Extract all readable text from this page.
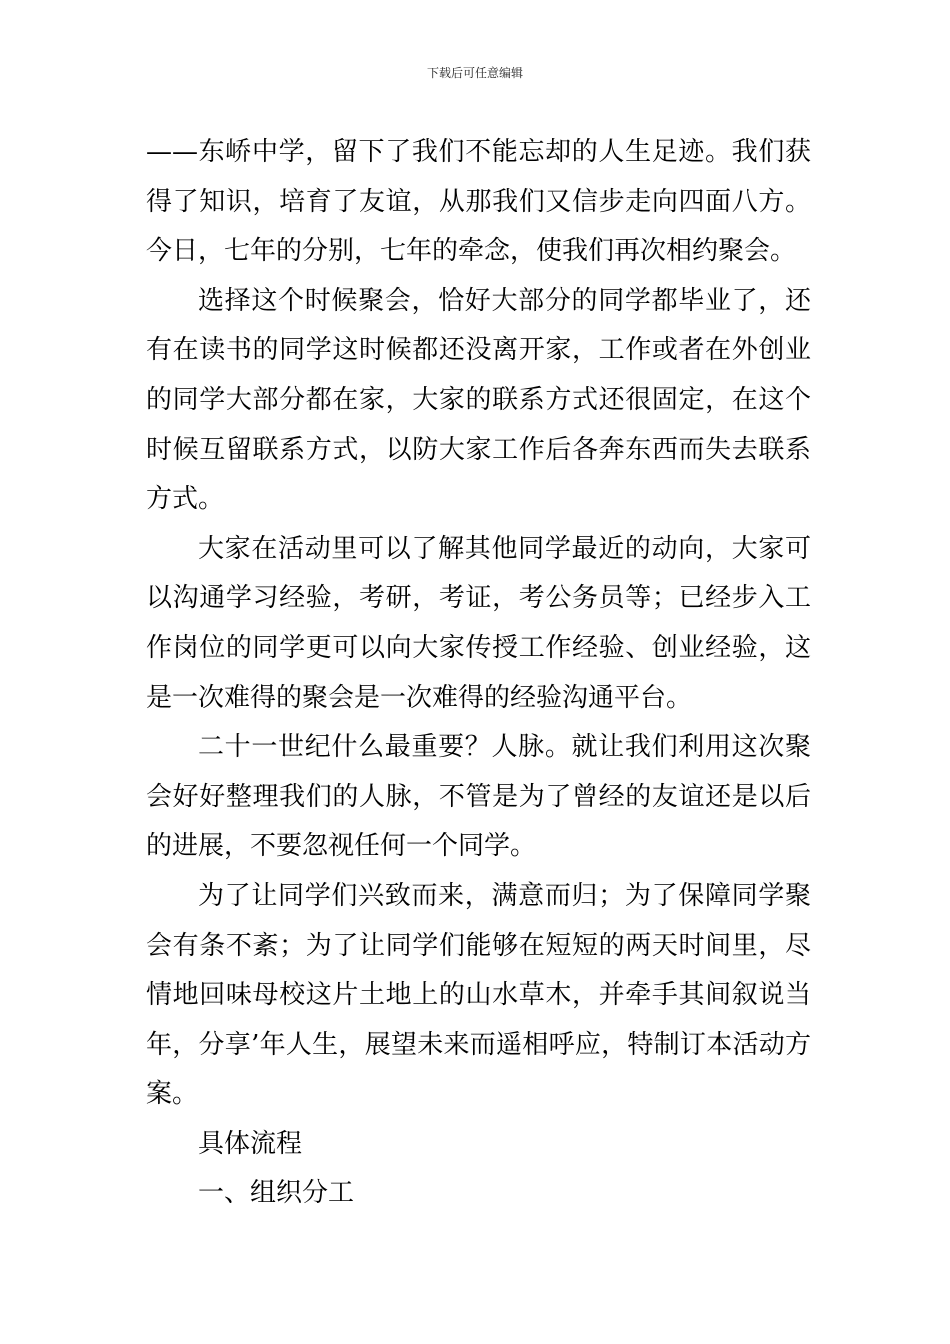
下载后可任意编辑

——东峤中学，留下了我们不能忘却的人生足迹。我们获得了知识，培育了友谊，从那我们又信步走向四面八方。今日，七年的分别，七年的牵念，使我们再次相约聚会。

选择这个时候聚会，恰好大部分的同学都毕业了，还有在读书的同学这时候都还没离开家，工作或者在外创业的同学大部分都在家，大家的联系方式还很固定，在这个时候互留联系方式，以防大家工作后各奔东西而失去联系方式。

大家在活动里可以了解其他同学最近的动向，大家可以沟通学习经验，考研，考证，考公务员等；已经步入工作岗位的同学更可以向大家传授工作经验、创业经验，这是一次难得的聚会是一次难得的经验沟通平台。

二十一世纪什么最重要？人脉。就让我们利用这次聚会好好整理我们的人脉，不管是为了曾经的友谊还是以后的进展，不要忽视任何一个同学。

为了让同学们兴致而来，满意而归；为了保障同学聚会有条不紊；为了让同学们能够在短短的两天时间里，尽情地回味母校这片土地上的山水草木，并牵手其间叙说当年，分享’年人生，展望未来而遥相呼应，特制订本活动方案。

具体流程

一、组织分工
